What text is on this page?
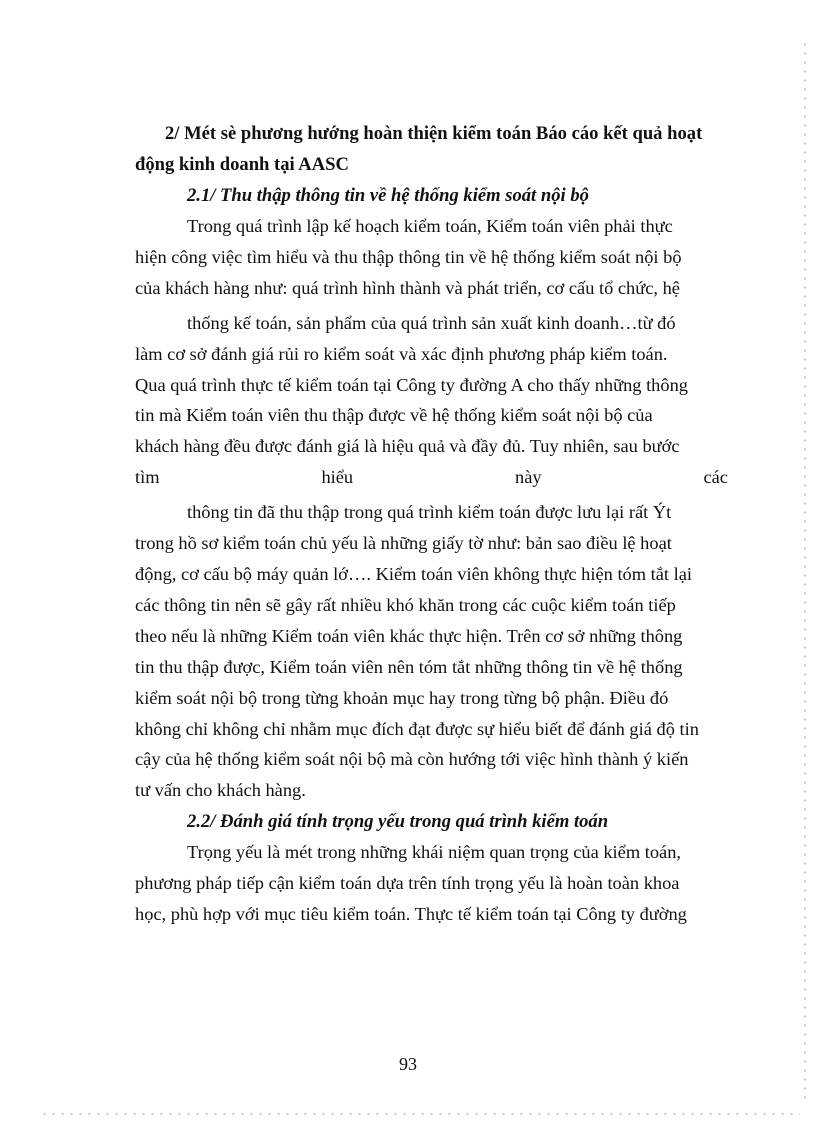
2/ Mét sè phương hướng hoàn thiện kiểm toán Báo cáo kết quả hoạt
động kinh doanh tại AASC

2.1/ Thu thập thông tin về hệ thống kiểm soát nội bộ

Trong quá trình lập kế hoạch kiểm toán, Kiểm toán viên phải thực
hiện công việc tìm hiểu và thu thập thông tin về hệ thống kiểm soát nội bộ
của khách hàng như: quá trình hình thành và phát triển, cơ cấu tổ chức, hệ
thống kế toán, sản phẩm của quá trình sản xuất kinh doanh…từ đó
làm cơ sở đánh giá rủi ro kiểm soát và xác định phương pháp kiểm toán.
Qua quá trình thực tế kiểm toán tại Công ty đường A cho thấy những thông
tin mà Kiểm toán viên thu thập được về hệ thống kiểm soát nội bộ của
khách hàng đều được đánh giá là hiệu quả và đầy đủ. Tuy nhiên, sau bước
tìm	hiểu	này	các
thông tin đã thu thập trong quá trình kiểm toán được lưu lại rất Ýt
trong hồ sơ kiểm toán chủ yếu là những giấy tờ như: bản sao điều lệ hoạt
động, cơ cấu bộ máy quản lớ…. Kiểm toán viên không thực hiện tóm tắt lại
các thông tin nên sẽ gây rất nhiều khó khăn trong các cuộc kiểm toán tiếp
theo nếu là những Kiểm toán viên khác thực hiện. Trên cơ sở những thông
tin thu thập được, Kiểm toán viên nên tóm tắt những thông tin về hệ thống
kiểm soát nội bộ trong từng khoản mục hay trong từng bộ phận. Điều đó
không chỉ không chỉ nhằm mục đích đạt được sự hiểu biết để đánh giá độ tin
cậy của hệ thống kiểm soát nội bộ mà còn hướng tới việc hình thành ý kiến
tư vấn cho khách hàng.

2.2/ Đánh giá tính trọng yếu trong quá trình kiểm toán

Trọng yếu là mét trong những khái niệm quan trọng của kiểm toán,
phương pháp tiếp cận kiểm toán dựa trên tính trọng yếu là hoàn toàn khoa
học, phù hợp với mục tiêu kiểm toán. Thực tế kiểm toán tại Công ty đường
93
